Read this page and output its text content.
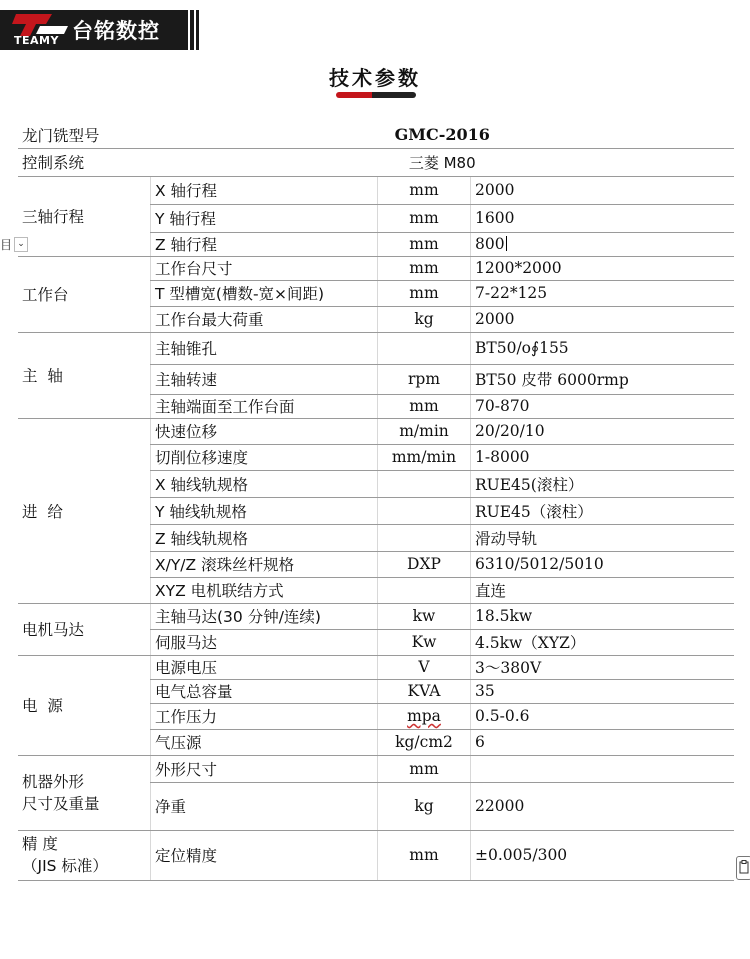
TEAMY 台铭数控
技术参数
目 ⌄
龙门铣型号	GMC-2016		
控制系统	三菱 M80		
三轴行程	X 轴行程	mm	2000
	Y 轴行程	mm	1600
	Z 轴行程	mm	800
工作台	工作台尺寸	mm	1200*2000
	T 型槽宽(槽数-宽×间距)	mm	7-22*125
	工作台最大荷重	kg	2000
主  轴	主轴锥孔		BT50/o∮155
	主轴转速	rpm	BT50 皮带 6000rmp
	主轴端面至工作台面	mm	70-870
进  给	快速位移	m/min	20/20/10
	切削位移速度	mm/min	1-8000
	X 轴线轨规格		RUE45(滚柱）
	Y 轴线轨规格		RUE45（滚柱）
	Z 轴线轨规格		滑动导轨
	X/Y/Z 滚珠丝杆规格	DXP	6310/5012/5010
	XYZ 电机联结方式		直连
电机马达	主轴马达(30 分钟/连续)	kw	18.5kw
	伺服马达	Kw	4.5kw（XYZ）
电  源	电源电压	V	3～380V
	电气总容量	KVA	35
	工作压力	mpa	0.5-0.6
	气压源	kg/cm2	6

机器外形
尺寸及重量	外形尺寸	mm	
	净重	kg	22000

精 度
（JIS 标准）	定位精度	mm	±0.005/300
